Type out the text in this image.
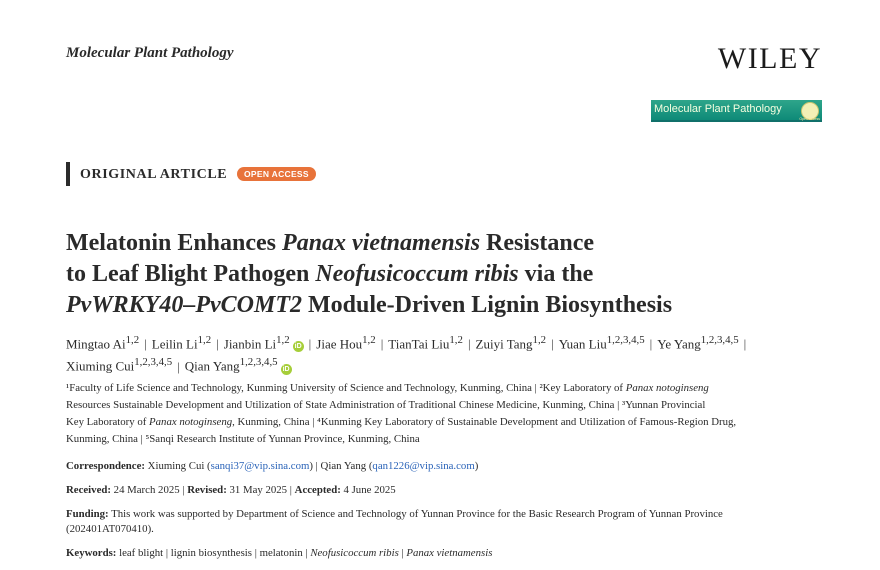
Molecular Plant Pathology	WILEY
Molecular Plant Pathology
Open Access
ORIGINAL ARTICLE	OPEN ACCESS
Melatonin Enhances Panax vietnamensis Resistance
to Leaf Blight Pathogen Neofusicoccum ribis via the
PvWRKY40–PvCOMT2 Module-Driven Lignin Biosynthesis
Mingtao Ai$^{1,2}$ | Leilin Li$^{1,2}$ | Jianbin Li$^{1,2}$iD | Jiae Hou$^{1,2}$ | TianTai Liu$^{1,2}$ | Zuiyi Tang$^{1,2}$ | Yuan Liu$^{1,2,3,4,5}$ | Ye Yang$^{1,2,3,4,5}$ |
Xiuming Cui$^{1,2,3,4,5}$ | Qian Yang$^{1,2,3,4,5}$iD
¹Faculty of Life Science and Technology, Kunming University of Science and Technology, Kunming, China | ²Key Laboratory of Panax notoginseng
Resources Sustainable Development and Utilization of State Administration of Traditional Chinese Medicine, Kunming, China | ³Yunnan Provincial
Key Laboratory of Panax notoginseng, Kunming, China | ⁴Kunming Key Laboratory of Sustainable Development and Utilization of Famous-Region Drug,
Kunming, China | ⁵Sanqi Research Institute of Yunnan Province, Kunming, China
Correspondence: Xiuming Cui (sanqi37@vip.sina.com) | Qian Yang (qan1226@vip.sina.com)
Received: 24 March 2025 | Revised: 31 May 2025 | Accepted: 4 June 2025
Funding: This work was supported by Department of Science and Technology of Yunnan Province for the Basic Research Program of Yunnan Province
(202401AT070410).
Keywords: leaf blight | lignin biosynthesis | melatonin | Neofusicoccum ribis | Panax vietnamensis
